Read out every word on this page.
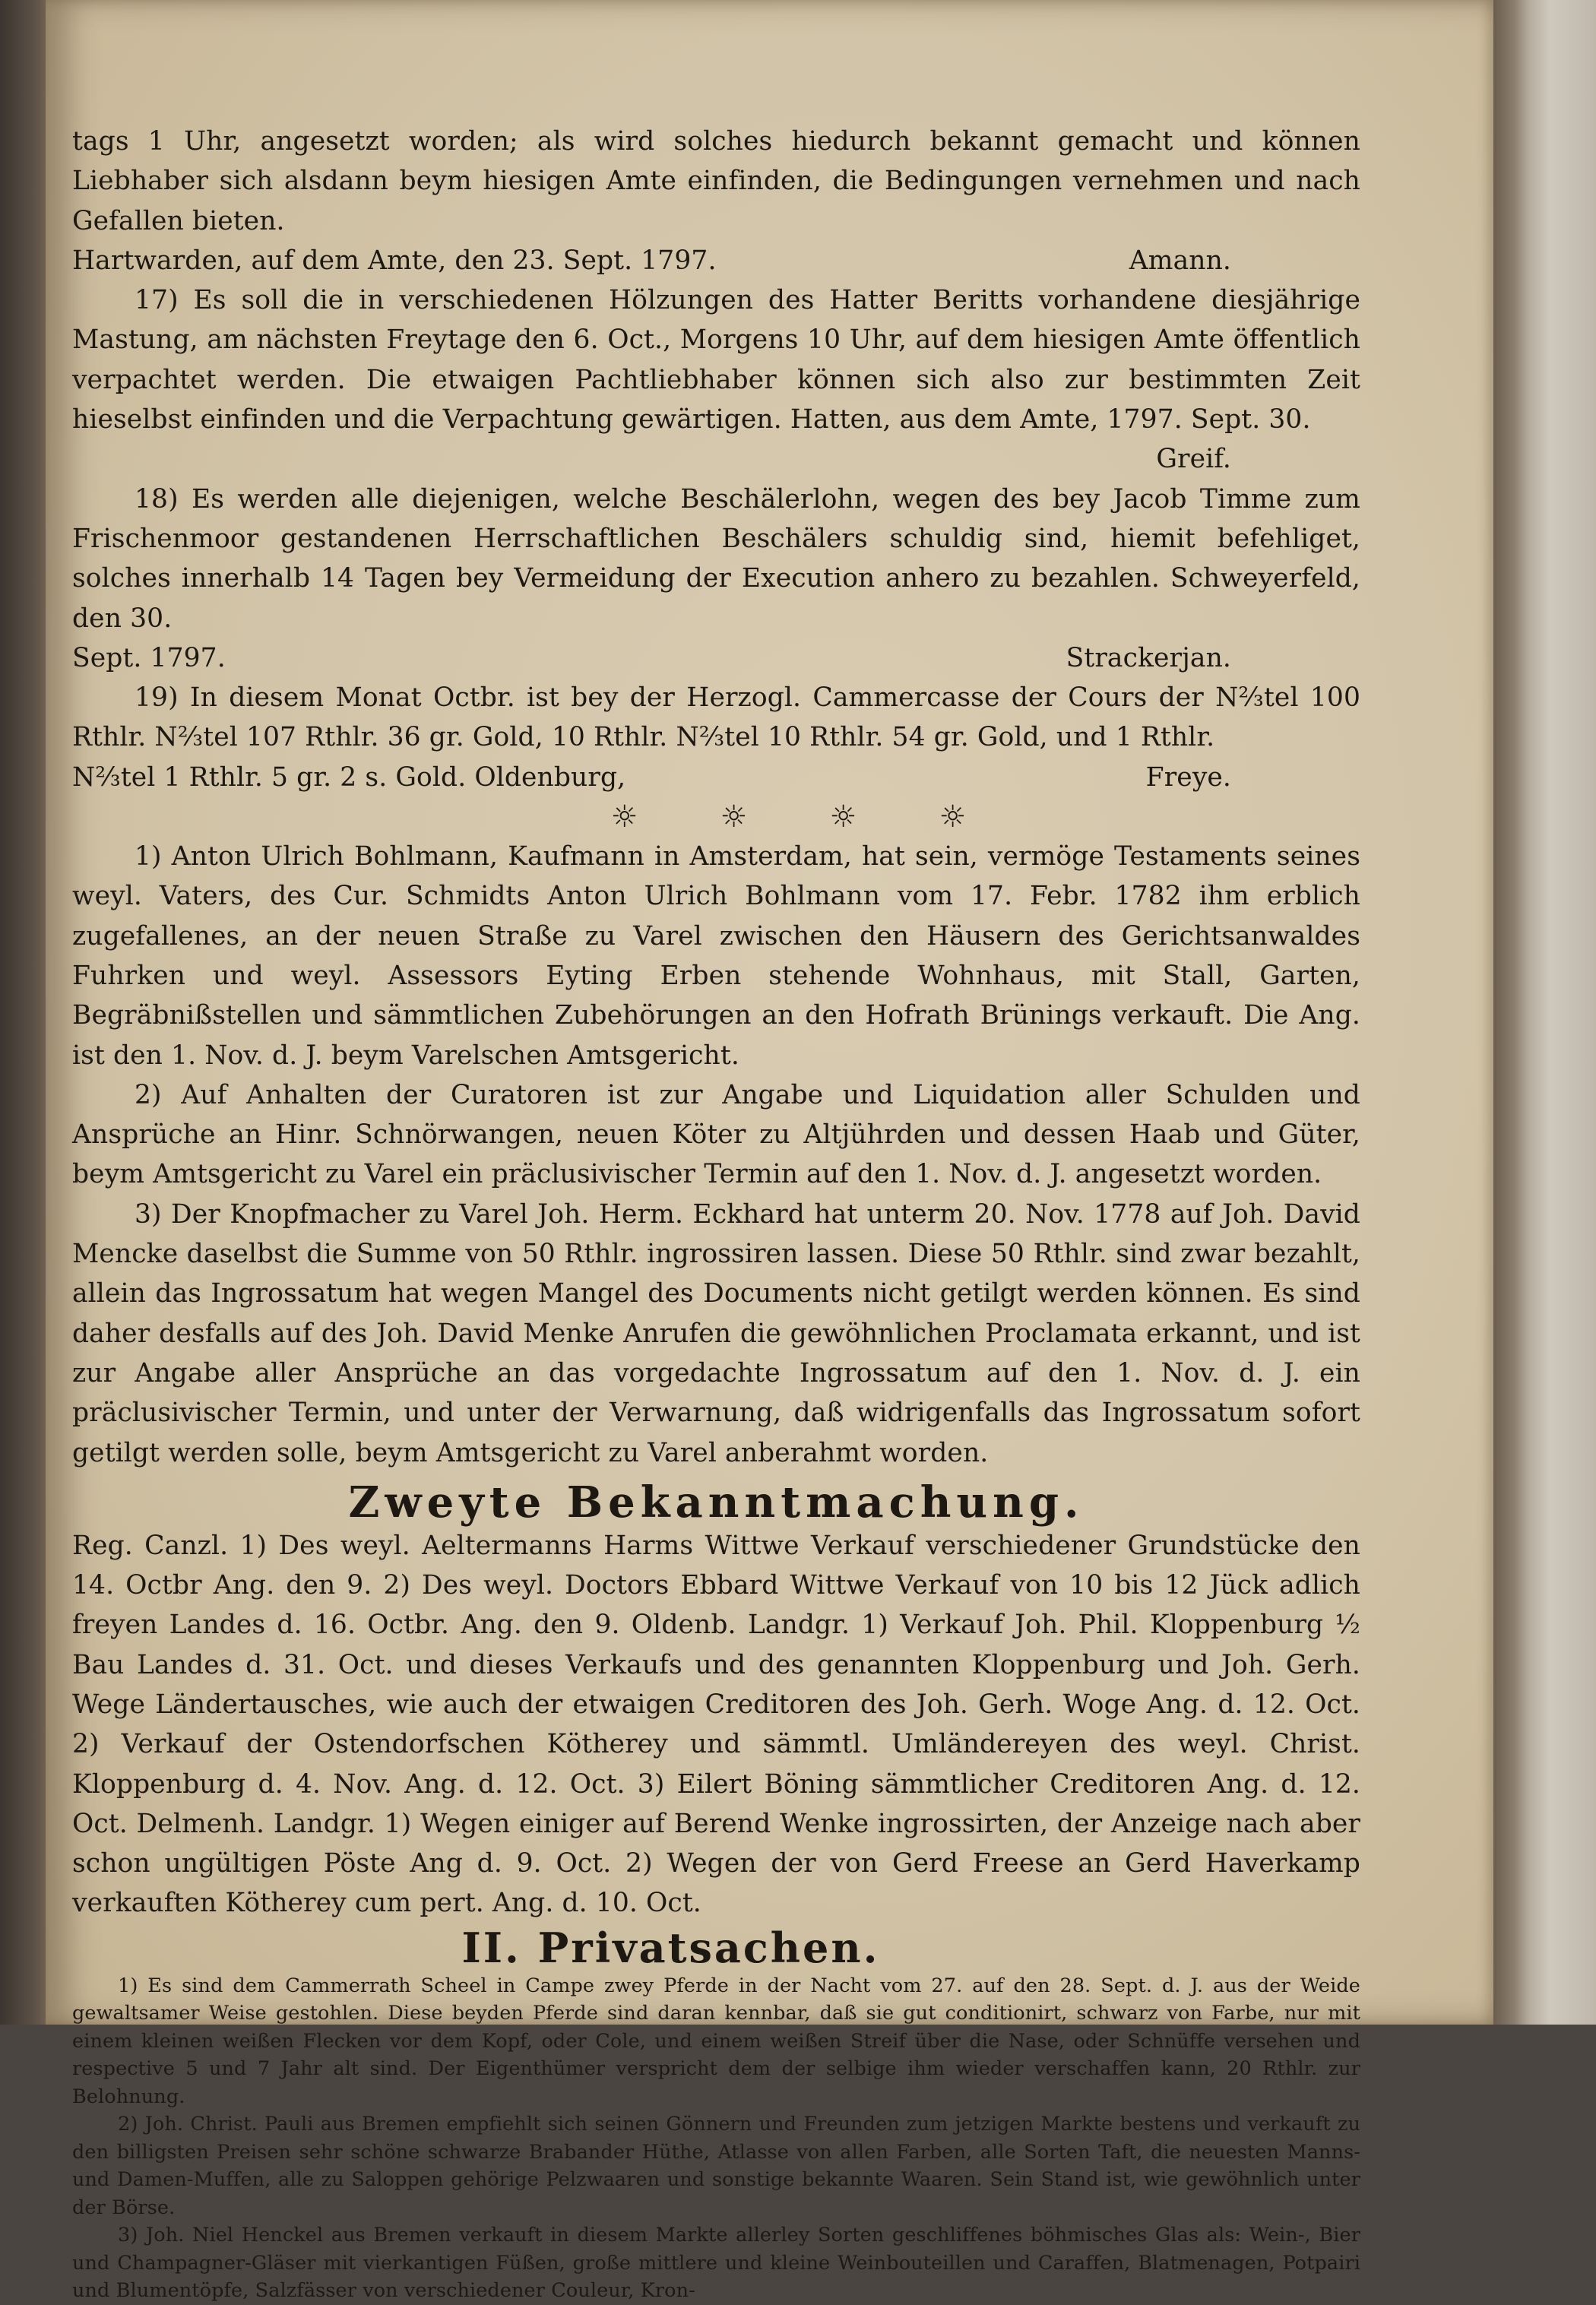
tags 1 Uhr, angesetzt worden; als wird solches hiedurch bekannt gemacht und können Liebhaber sich alsdann beym hiesigen Amte einfinden, die Bedingungen vernehmen und nach Gefallen bieten.

Hartwarden, auf dem Amte, den 23. Sept. 1797.	Amann.

17) Es soll die in verschiedenen Hölzungen des Hatter Beritts vorhandene diesjährige Mastung, am nächsten Freytage den 6. Oct., Morgens 10 Uhr, auf dem hiesigen Amte öffentlich verpachtet werden. Die etwaigen Pachtliebhaber können sich also zur bestimmten Zeit hieselbst einfinden und die Verpachtung gewärtigen. Hatten, aus dem Amte, 1797. Sept. 30.

Greif.

18) Es werden alle diejenigen, welche Beschälerlohn, wegen des bey Jacob Timme zum Frischenmoor gestandenen Herrschaftlichen Beschälers schuldig sind, hiemit befehliget, solches innerhalb 14 Tagen bey Vermeidung der Execution anhero zu bezahlen. Schweyerfeld, den 30.

Sept. 1797.	Strackerjan.

19) In diesem Monat Octbr. ist bey der Herzogl. Cammercasse der Cours der N⅔tel 100 Rthlr. N⅔tel 107 Rthlr. 36 gr. Gold, 10 Rthlr. N⅔tel 10 Rthlr. 54 gr. Gold, und 1 Rthlr.

N⅔tel 1 Rthlr. 5 gr. 2 s. Gold. Oldenburg,	Freye.

☼	☼	☼	☼

1) Anton Ulrich Bohlmann, Kaufmann in Amsterdam, hat sein, vermöge Testaments seines weyl. Vaters, des Cur. Schmidts Anton Ulrich Bohlmann vom 17. Febr. 1782 ihm erblich zugefallenes, an der neuen Straße zu Varel zwischen den Häusern des Gerichtsanwaldes Fuhrken und weyl. Assessors Eyting Erben stehende Wohnhaus, mit Stall, Garten, Begräbnißstellen und sämmtlichen Zubehörungen an den Hofrath Brünings verkauft. Die Ang. ist den 1. Nov. d. J. beym Varelschen Amtsgericht.

2) Auf Anhalten der Curatoren ist zur Angabe und Liquidation aller Schulden und Ansprüche an Hinr. Schnörwangen, neuen Köter zu Altjührden und dessen Haab und Güter, beym Amtsgericht zu Varel ein präclusivischer Termin auf den 1. Nov. d. J. angesetzt worden.

3) Der Knopfmacher zu Varel Joh. Herm. Eckhard hat unterm 20. Nov. 1778 auf Joh. David Mencke daselbst die Summe von 50 Rthlr. ingrossiren lassen. Diese 50 Rthlr. sind zwar bezahlt, allein das Ingrossatum hat wegen Mangel des Documents nicht getilgt werden können. Es sind daher desfalls auf des Joh. David Menke Anrufen die gewöhnlichen Proclamata erkannt, und ist zur Angabe aller Ansprüche an das vorgedachte Ingrossatum auf den 1. Nov. d. J. ein präclusivischer Termin, und unter der Verwarnung, daß widrigenfalls das Ingrossatum sofort getilgt werden solle, beym Amtsgericht zu Varel anberahmt worden.

Zweyte Bekanntmachung.

Reg. Canzl. 1) Des weyl. Aeltermanns Harms Wittwe Verkauf verschiedener Grundstücke den 14. Octbr Ang. den 9. 2) Des weyl. Doctors Ebbard Wittwe Verkauf von 10 bis 12 Jück adlich freyen Landes d. 16. Octbr. Ang. den 9. Oldenb. Landgr. 1) Verkauf Joh. Phil. Kloppenburg ½ Bau Landes d. 31. Oct. und dieses Verkaufs und des genannten Kloppenburg und Joh. Gerh. Wege Ländertausches, wie auch der etwaigen Creditoren des Joh. Gerh. Woge Ang. d. 12. Oct. 2) Verkauf der Ostendorfschen Kötherey und sämmtl. Umländereyen des weyl. Christ. Kloppenburg d. 4. Nov. Ang. d. 12. Oct. 3) Eilert Böning sämmtlicher Creditoren Ang. d. 12. Oct. Delmenh. Landgr. 1) Wegen einiger auf Berend Wenke ingrossirten, der Anzeige nach aber schon ungültigen Pöste Ang d. 9. Oct. 2) Wegen der von Gerd Freese an Gerd Haverkamp verkauften Kötherey cum pert. Ang. d. 10. Oct.

II. Privatsachen.

1) Es sind dem Cammerrath Scheel in Campe zwey Pferde in der Nacht vom 27. auf den 28. Sept. d. J. aus der Weide gewaltsamer Weise gestohlen. Diese beyden Pferde sind daran kennbar, daß sie gut conditionirt, schwarz von Farbe, nur mit einem kleinen weißen Flecken vor dem Kopf, oder Cole, und einem weißen Streif über die Nase, oder Schnüffe versehen und respective 5 und 7 Jahr alt sind. Der Eigenthümer verspricht dem der selbige ihm wieder verschaffen kann, 20 Rthlr. zur Belohnung.

2) Joh. Christ. Pauli aus Bremen empfiehlt sich seinen Gönnern und Freunden zum jetzigen Markte bestens und verkauft zu den billigsten Preisen sehr schöne schwarze Brabander Hüthe, Atlasse von allen Farben, alle Sorten Taft, die neuesten Manns- und Damen-Muffen, alle zu Saloppen gehörige Pelzwaaren und sonstige bekannte Waaren. Sein Stand ist, wie gewöhnlich unter der Börse.

3) Joh. Niel Henckel aus Bremen verkauft in diesem Markte allerley Sorten geschliffenes böhmisches Glas als: Wein-, Bier und Champagner-Gläser mit vierkantigen Füßen, große mittlere und kleine Weinbouteillen und Caraffen, Blatmenagen, Potpairi und Blumentöpfe, Salzfässer von verschiedener Couleur, Kron-
